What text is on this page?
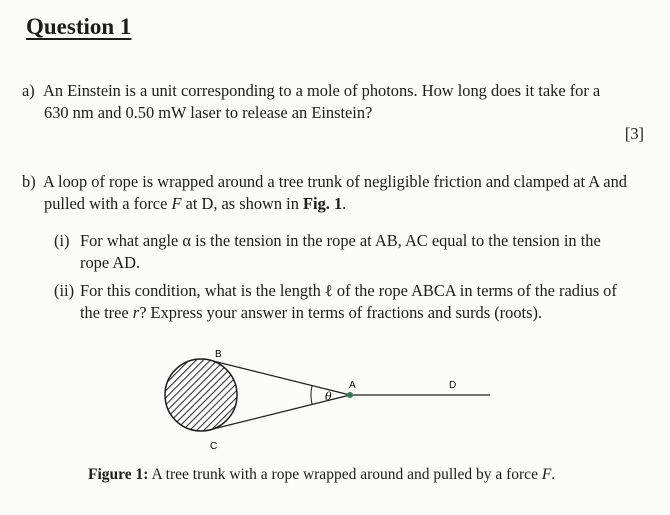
Question 1
a) An Einstein is a unit corresponding to a mole of photons. How long does it take for a
630 nm and 0.50 mW laser to release an Einstein?
[3]
b) A loop of rope is wrapped around a tree trunk of negligible friction and clamped at A and
pulled with a force F at D, as shown in Fig. 1.
(i) For what angle α is the tension in the rope at AB, AC equal to the tension in the
rope AD.
(ii) For this condition, what is the length ℓ of the rope ABCA in terms of the radius of
the tree r? Express your answer in terms of fractions and surds (roots).
θ
B
C
A	D
Figure 1: A tree trunk with a rope wrapped around and pulled by a force F.
